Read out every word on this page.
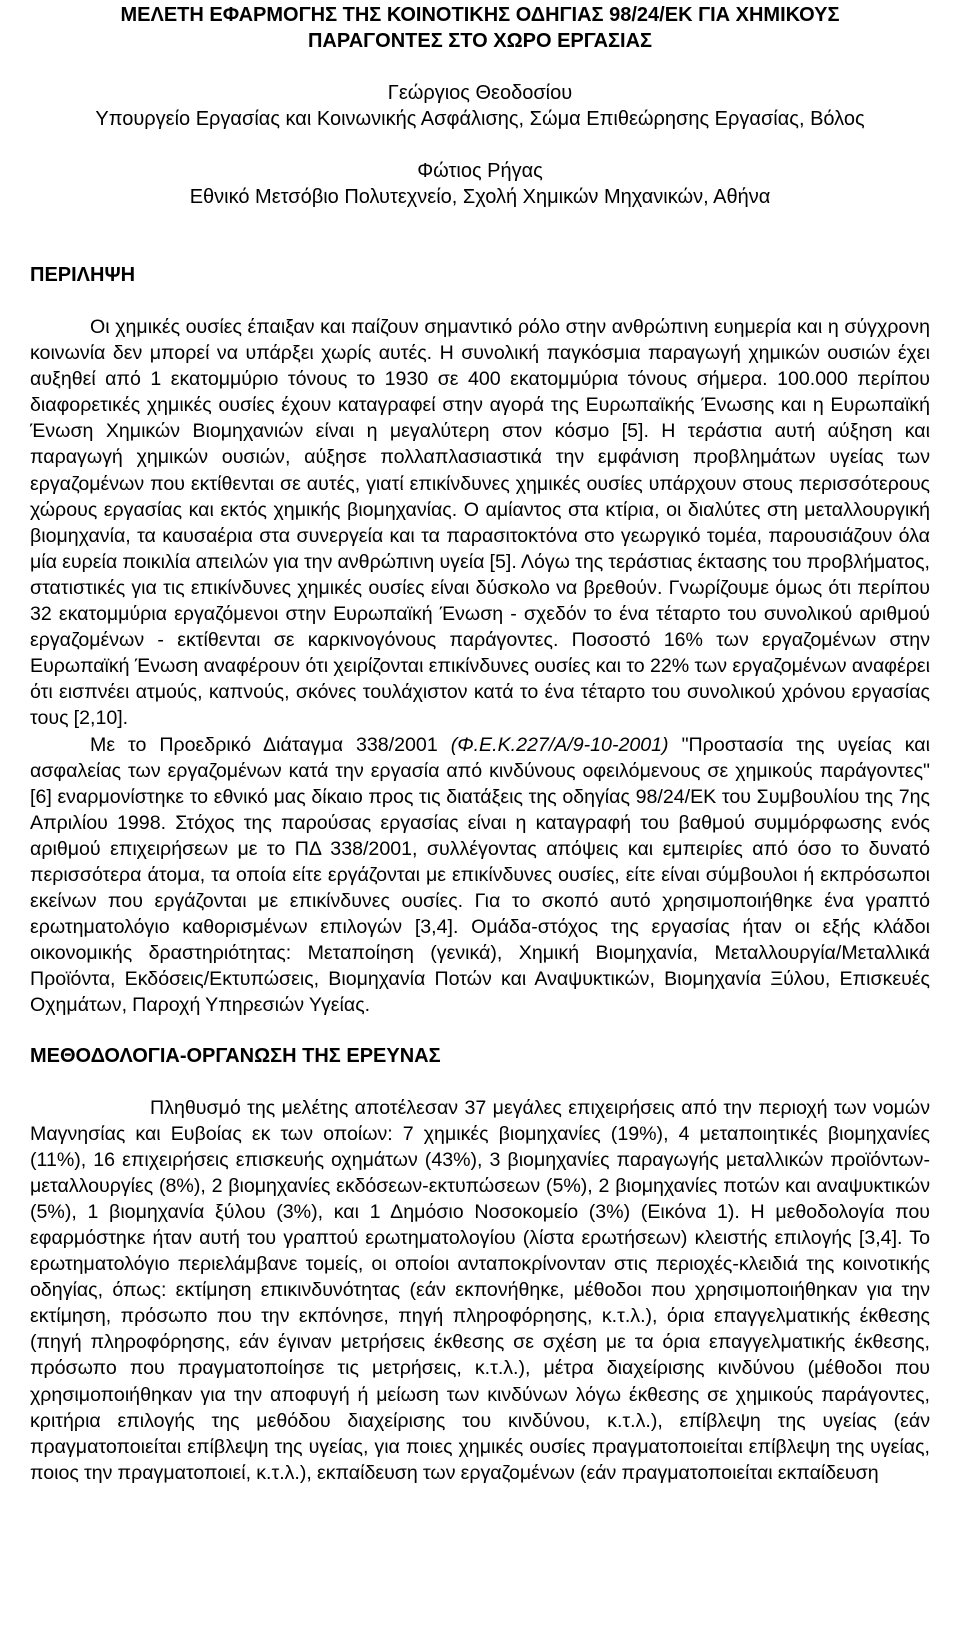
ΜΕΛΕΤΗ ΕΦΑΡΜΟΓΗΣ ΤΗΣ ΚΟΙΝΟΤΙΚΗΣ ΟΔΗΓΙΑΣ 98/24/ΕΚ ΓΙΑ ΧΗΜΙΚΟΥΣ
ΠΑΡΑΓΟΝΤΕΣ ΣΤΟ ΧΩΡΟ ΕΡΓΑΣΙΑΣ
Γεώργιος Θεοδοσίου
Υπουργείο Εργασίας και Κοινωνικής Ασφάλισης, Σώμα Επιθεώρησης Εργασίας, Βόλος
Φώτιος Ρήγας
Εθνικό Μετσόβιο Πολυτεχνείο, Σχολή Χημικών Μηχανικών, Αθήνα
ΠΕΡΙΛΗΨΗ

Οι χημικές ουσίες έπαιξαν και παίζουν σημαντικό ρόλο στην ανθρώπινη ευημερία και η σύγχρονη κοινωνία δεν μπορεί να υπάρξει χωρίς αυτές. Η συνολική παγκόσμια παραγωγή χημικών ουσιών έχει αυξηθεί από 1 εκατομμύριο τόνους το 1930 σε 400 εκατομμύρια τόνους σήμερα. 100.000 περίπου διαφορετικές χημικές ουσίες έχουν καταγραφεί στην αγορά της Ευρωπαϊκής Ένωσης και η Ευρωπαϊκή Ένωση Χημικών Βιομηχανιών είναι η μεγαλύτερη στον κόσμο [5]. Η τεράστια αυτή αύξηση και παραγωγή χημικών ουσιών, αύξησε πολλαπλασιαστικά την εμφάνιση προβλημάτων υγείας των εργαζομένων που εκτίθενται σε αυτές, γιατί επικίνδυνες χημικές ουσίες υπάρχουν στους περισσότερους χώρους εργασίας και εκτός χημικής βιομηχανίας. Ο αμίαντος στα κτίρια, οι διαλύτες στη μεταλλουργική βιομηχανία, τα καυσαέρια στα συνεργεία και τα παρασιτοκτόνα στο γεωργικό τομέα, παρουσιάζουν όλα μία ευρεία ποικιλία απειλών για την ανθρώπινη υγεία [5]. Λόγω της τεράστιας έκτασης του προβλήματος, στατιστικές για τις επικίνδυνες χημικές ουσίες είναι δύσκολο να βρεθούν. Γνωρίζουμε όμως ότι περίπου 32 εκατομμύρια εργαζόμενοι στην Ευρωπαϊκή Ένωση - σχεδόν το ένα τέταρτο του συνολικού αριθμού εργαζομένων - εκτίθενται σε καρκινογόνους παράγοντες. Ποσοστό 16% των εργαζομένων στην Ευρωπαϊκή Ένωση αναφέρουν ότι χειρίζονται επικίνδυνες ουσίες και το 22% των εργαζομένων αναφέρει ότι εισπνέει ατμούς, καπνούς, σκόνες τουλάχιστον κατά το ένα τέταρτο του συνολικού χρόνου εργασίας τους [2,10].

Με το Προεδρικό Διάταγμα 338/2001 (Φ.Ε.Κ.227/Α/9-10-2001) "Προστασία της υγείας και ασφαλείας των εργαζομένων κατά την εργασία από κινδύνους οφειλόμενους σε χημικούς παράγοντες" [6] εναρμονίστηκε το εθνικό μας δίκαιο προς τις διατάξεις της οδηγίας 98/24/ΕΚ του Συμβουλίου της 7ης Απριλίου 1998. Στόχος της παρούσας εργασίας είναι η καταγραφή του βαθμού συμμόρφωσης ενός αριθμού επιχειρήσεων με το ΠΔ 338/2001, συλλέγοντας απόψεις και εμπειρίες από όσο το δυνατό περισσότερα άτομα, τα οποία είτε εργάζονται με επικίνδυνες ουσίες, είτε είναι σύμβουλοι ή εκπρόσωποι εκείνων που εργάζονται με επικίνδυνες ουσίες. Για το σκοπό αυτό χρησιμοποιήθηκε ένα γραπτό ερωτηματολόγιο καθορισμένων επιλογών [3,4]. Ομάδα-στόχος της εργασίας ήταν οι εξής κλάδοι οικονομικής δραστηριότητας: Μεταποίηση (γενικά), Χημική Βιομηχανία, Μεταλλουργία/Μεταλλικά Προϊόντα, Εκδόσεις/Εκτυπώσεις, Βιομηχανία Ποτών και Αναψυκτικών, Βιομηχανία Ξύλου, Επισκευές Οχημάτων, Παροχή Υπηρεσιών Υγείας.

ΜΕΘΟΔΟΛΟΓΙΑ-ΟΡΓΑΝΩΣΗ ΤΗΣ ΕΡΕΥΝΑΣ

Πληθυσμό της μελέτης αποτέλεσαν 37 μεγάλες επιχειρήσεις από την περιοχή των νομών Μαγνησίας και Ευβοίας εκ των οποίων: 7 χημικές βιομηχανίες (19%), 4 μεταποιητικές βιομηχανίες (11%), 16 επιχειρήσεις επισκευής οχημάτων (43%), 3 βιομηχανίες παραγωγής μεταλλικών προϊόντων-μεταλλουργίες (8%), 2 βιομηχανίες εκδόσεων-εκτυπώσεων (5%), 2 βιομηχανίες ποτών και αναψυκτικών (5%), 1 βιομηχανία ξύλου (3%), και 1 Δημόσιο Νοσοκομείο (3%) (Εικόνα 1). Η μεθοδολογία που εφαρμόστηκε ήταν αυτή του γραπτού ερωτηματολογίου (λίστα ερωτήσεων) κλειστής επιλογής [3,4]. Το ερωτηματολόγιο περιελάμβανε τομείς, οι οποίοι ανταποκρίνονταν στις περιοχές-κλειδιά της κοινοτικής οδηγίας, όπως: εκτίμηση επικινδυνότητας (εάν εκπονήθηκε, μέθοδοι που χρησιμοποιήθηκαν για την εκτίμηση, πρόσωπο που την εκπόνησε, πηγή πληροφόρησης, κ.τ.λ.), όρια επαγγελματικής έκθεσης (πηγή πληροφόρησης, εάν έγιναν μετρήσεις έκθεσης σε σχέση με τα όρια επαγγελματικής έκθεσης, πρόσωπο που πραγματοποίησε τις μετρήσεις, κ.τ.λ.), μέτρα διαχείρισης κινδύνου (μέθοδοι που χρησιμοποιήθηκαν για την αποφυγή ή μείωση των κινδύνων λόγω έκθεσης σε χημικούς παράγοντες, κριτήρια επιλογής της μεθόδου διαχείρισης του κινδύνου, κ.τ.λ.), επίβλεψη της υγείας (εάν πραγματοποιείται επίβλεψη της υγείας, για ποιες χημικές ουσίες πραγματοποιείται επίβλεψη της υγείας, ποιος την πραγματοποιεί, κ.τ.λ.), εκπαίδευση των εργαζομένων (εάν πραγματοποιείται εκπαίδευση
